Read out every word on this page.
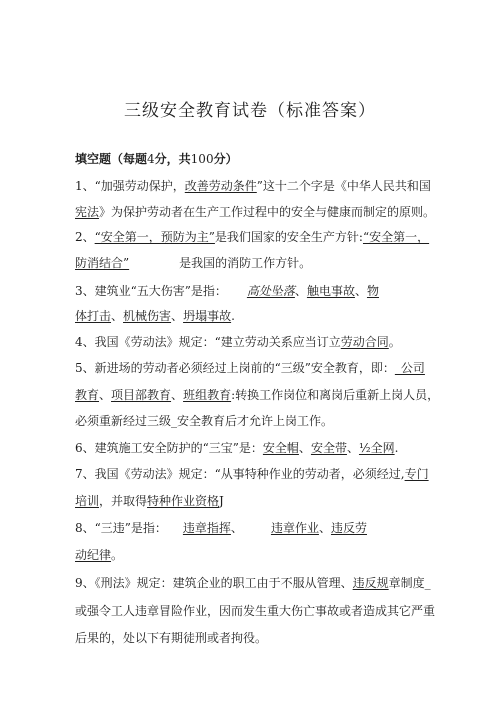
三级安全教育试卷（标准答案）
填空题（每题4分，共100分）
1、“加强劳动保护，改善劳动条件”这十二个字是《中华人民共和国
宪法》为保护劳动者在生产工作过程中的安全与健康而制定的原则。
2、“安全第一，预防为主”是我们国家的安全生产方针:“安全第一，
防消结合”	是我国的消防工作方针。
3、建筑业“五大伤害”是指： 高处坠落、触电事故、物
体打击、机械伤害、坍塌事故.
4、我国《劳动法》规定：“建立劳动关系应当订立劳动合同。
5、新进场的劳动者必须经过上岗前的“三级”安全教育，即：_公司
教育、项目部教育、班组教育:转换工作岗位和离岗后重新上岗人员，
必须重新经过三级_安全教育后才允许上岗工作。
6、建筑施工安全防护的“三宝”是：安全帽、安全带、½全网.
7、我国《劳动法》规定：“从事特种作业的劳动者，必须经过,专门
培训，并取得特种作业资格J
8、“三违”是指： 违章指挥、 违章作业、违反劳
动纪律。
9、《刑法》规定：建筑企业的职工由于不服从管理、违反规章制度_
或强令工人违章冒险作业，因而发生重大伤亡事故或者造成其它严重
后果的，处以下有期徒刑或者拘役。
